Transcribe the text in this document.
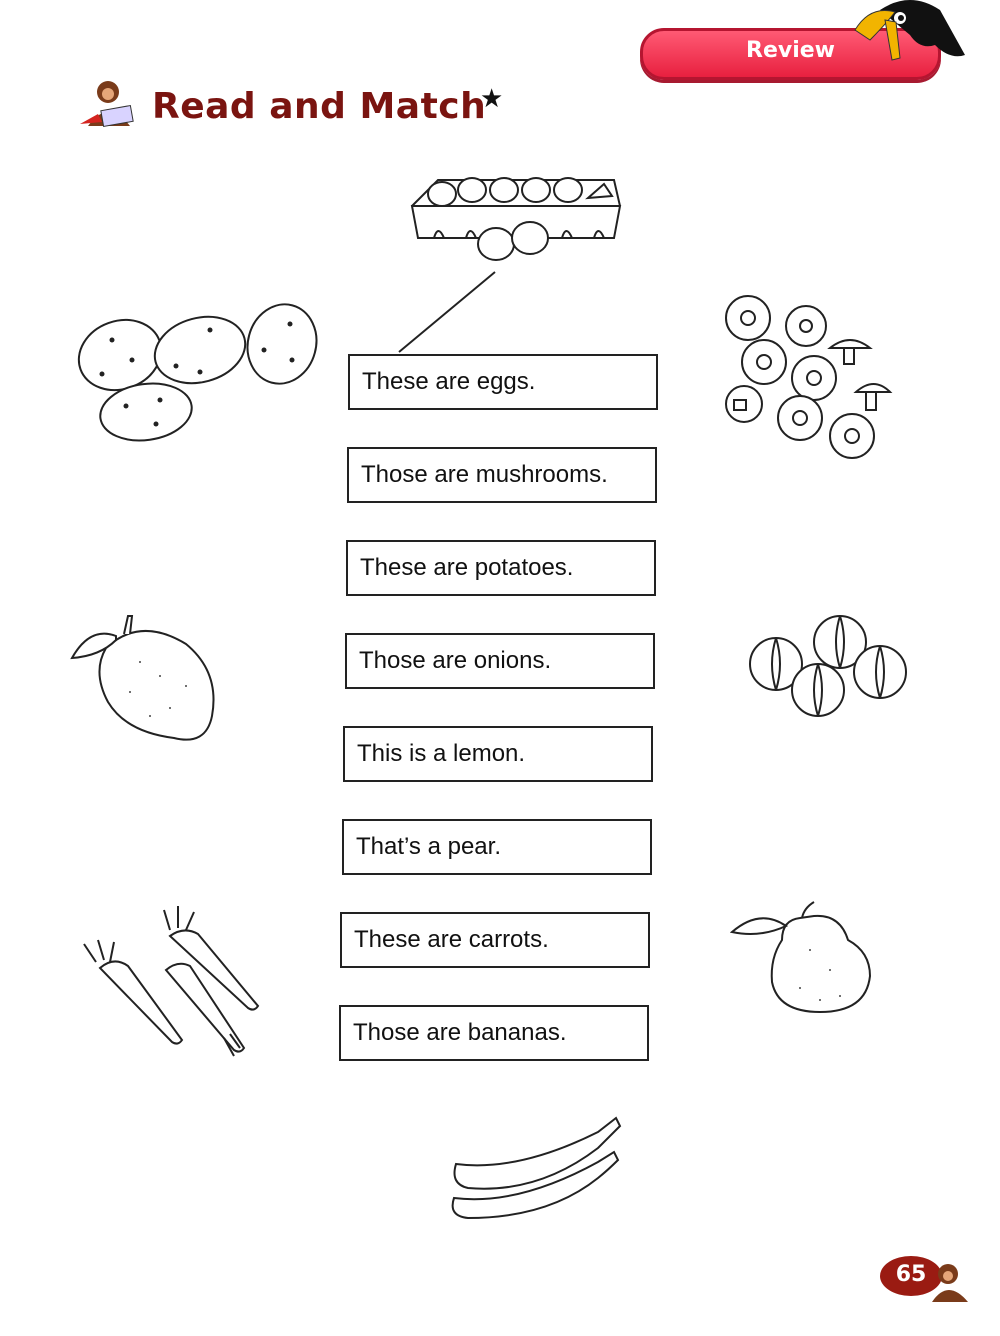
Review
Read and Match
★
These are eggs.
Those are mushrooms.
These are potatoes.
Those are onions.
This is a lemon.
That’s a pear.
These are carrots.
Those are bananas.
65
